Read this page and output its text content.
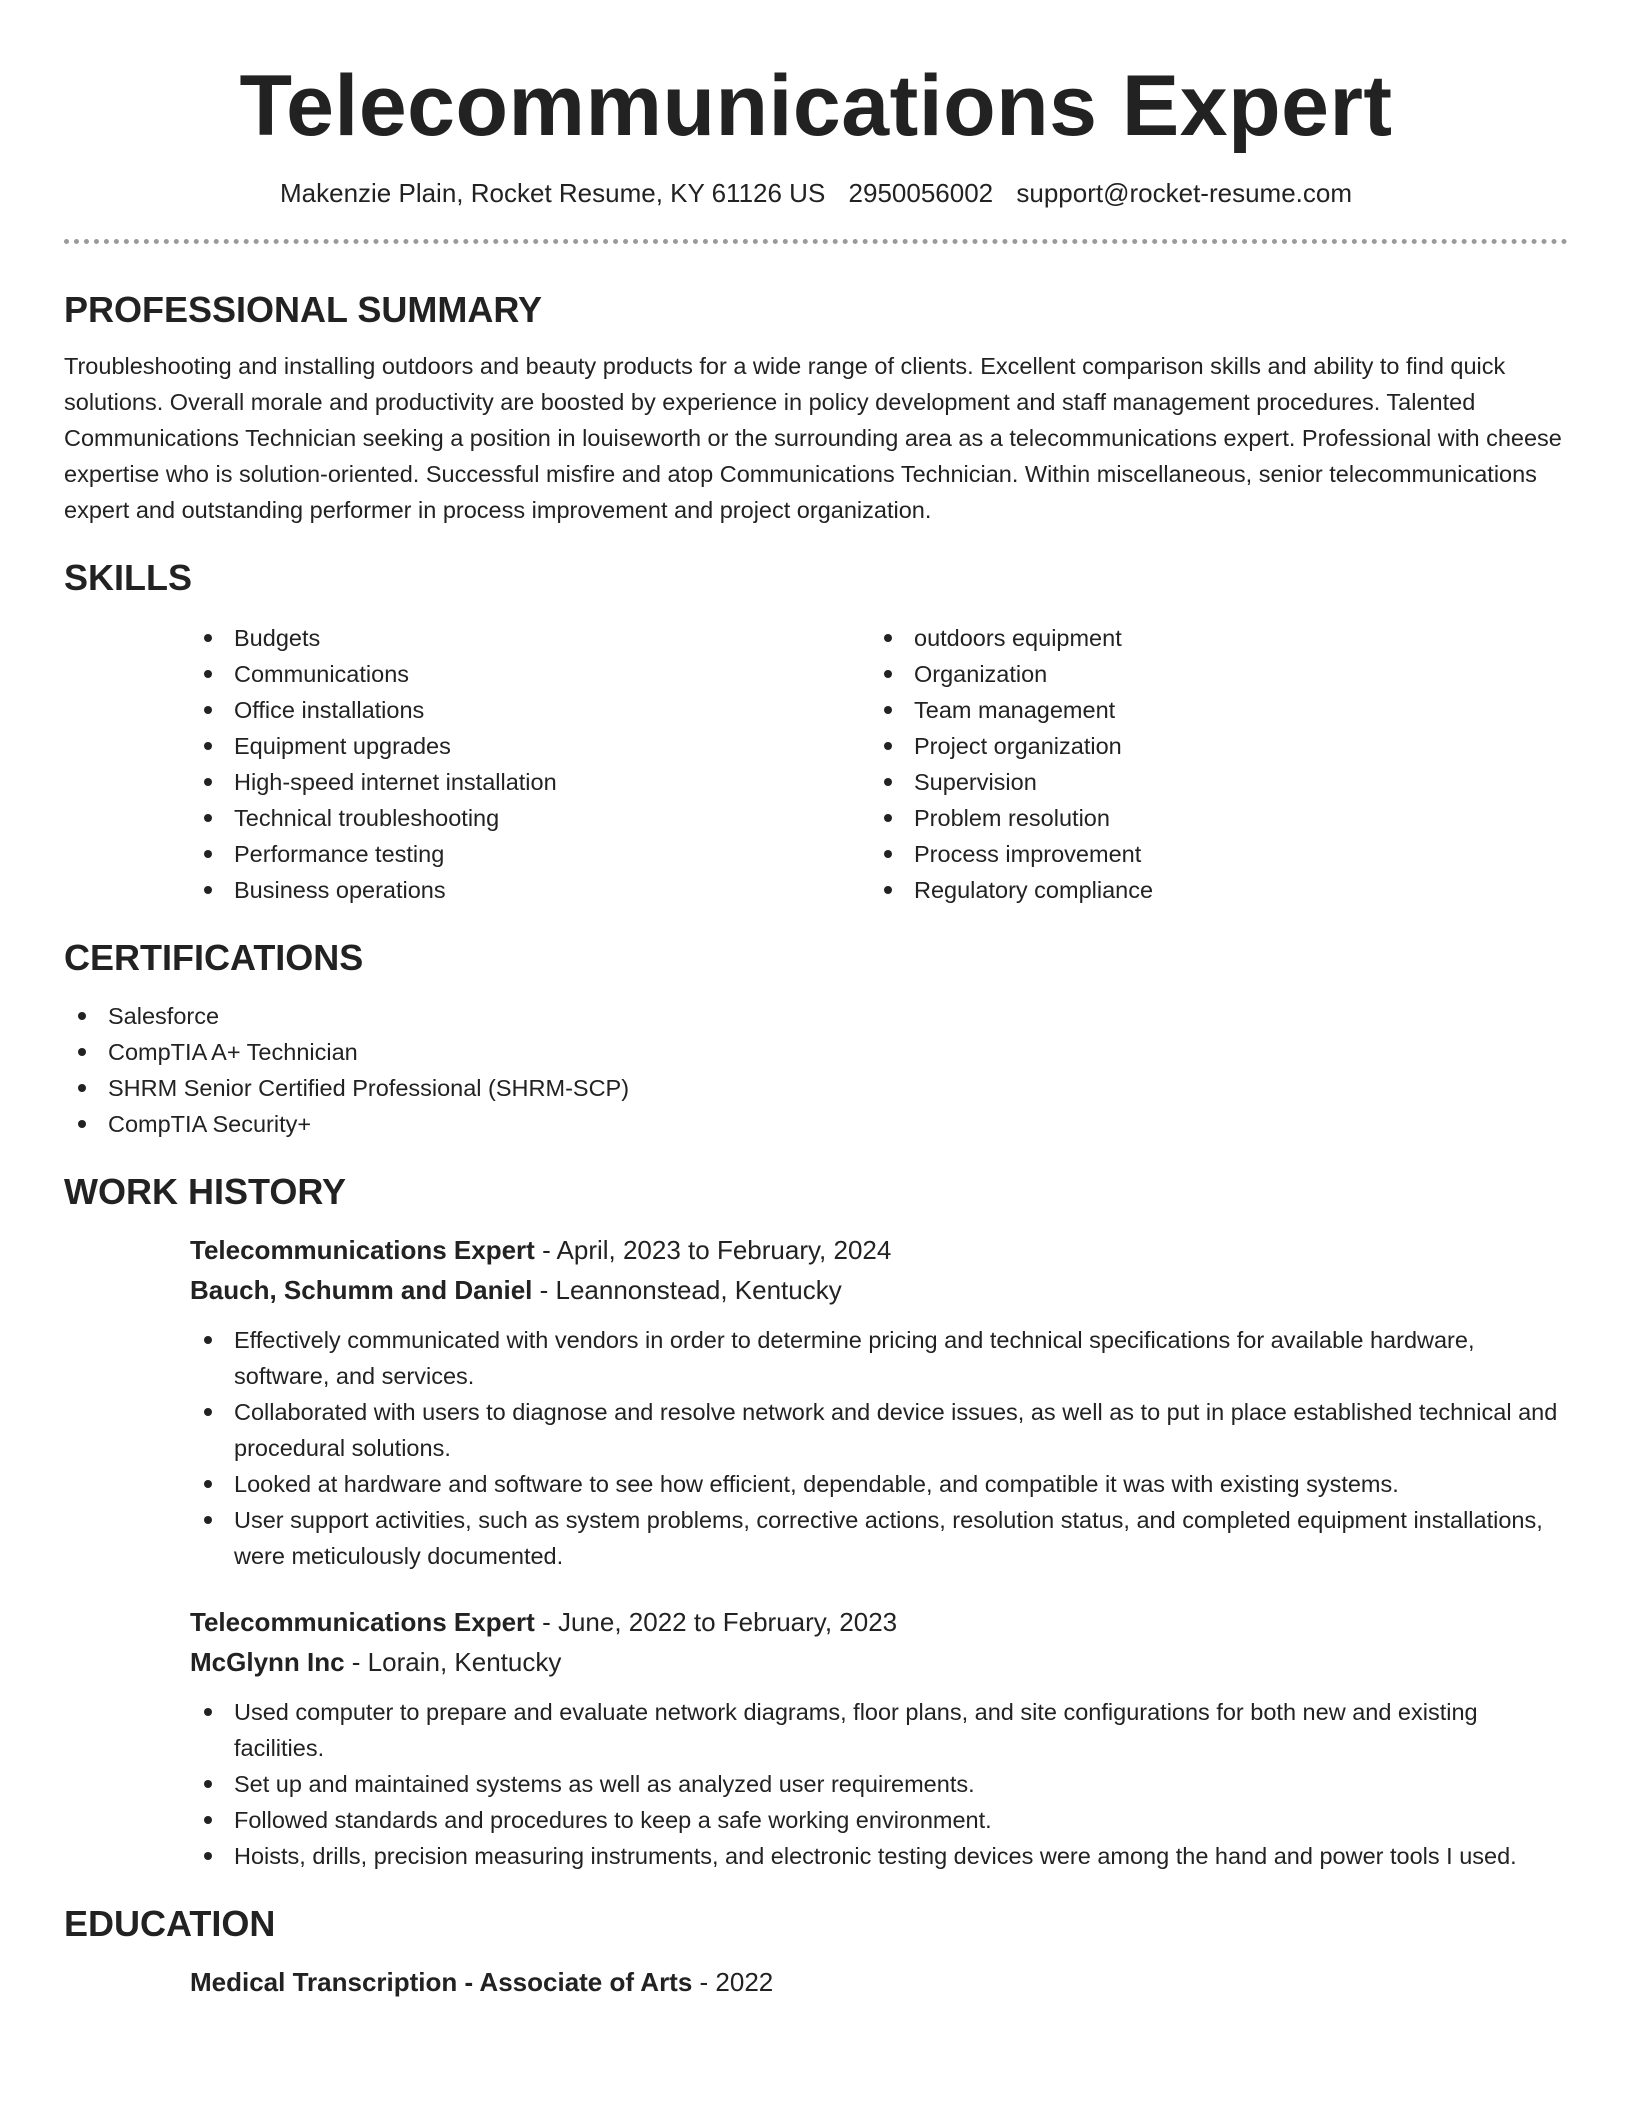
Telecommunications Expert
Makenzie Plain, Rocket Resume, KY 61126 US 2950056002 support@rocket-resume.com
PROFESSIONAL SUMMARY

Troubleshooting and installing outdoors and beauty products for a wide range of clients. Excellent comparison skills and ability to find quick solutions. Overall morale and productivity are boosted by experience in policy development and staff management procedures. Talented Communications Technician seeking a position in louiseworth or the surrounding area as a telecommunications expert. Professional with cheese expertise who is solution-oriented. Successful misfire and atop Communications Technician. Within miscellaneous, senior telecommunications expert and outstanding performer in process improvement and project organization.

SKILLS
Budgets
Communications
Office installations
Equipment upgrades
High-speed internet installation
Technical troubleshooting
Performance testing
Business operations
outdoors equipment
Organization
Team management
Project organization
Supervision
Problem resolution
Process improvement
Regulatory compliance
CERTIFICATIONS
Salesforce
CompTIA A+ Technician
SHRM Senior Certified Professional (SHRM-SCP)
CompTIA Security+
WORK HISTORY
Telecommunications Expert - April, 2023 to February, 2024
Bauch, Schumm and Daniel - Leannonstead, Kentucky
Effectively communicated with vendors in order to determine pricing and technical specifications for available hardware, software, and services.
Collaborated with users to diagnose and resolve network and device issues, as well as to put in place established technical and procedural solutions.
Looked at hardware and software to see how efficient, dependable, and compatible it was with existing systems.
User support activities, such as system problems, corrective actions, resolution status, and completed equipment installations, were meticulously documented.
Telecommunications Expert - June, 2022 to February, 2023
McGlynn Inc - Lorain, Kentucky
Used computer to prepare and evaluate network diagrams, floor plans, and site configurations for both new and existing facilities.
Set up and maintained systems as well as analyzed user requirements.
Followed standards and procedures to keep a safe working environment.
Hoists, drills, precision measuring instruments, and electronic testing devices were among the hand and power tools I used.
EDUCATION
Medical Transcription - Associate of Arts - 2022
